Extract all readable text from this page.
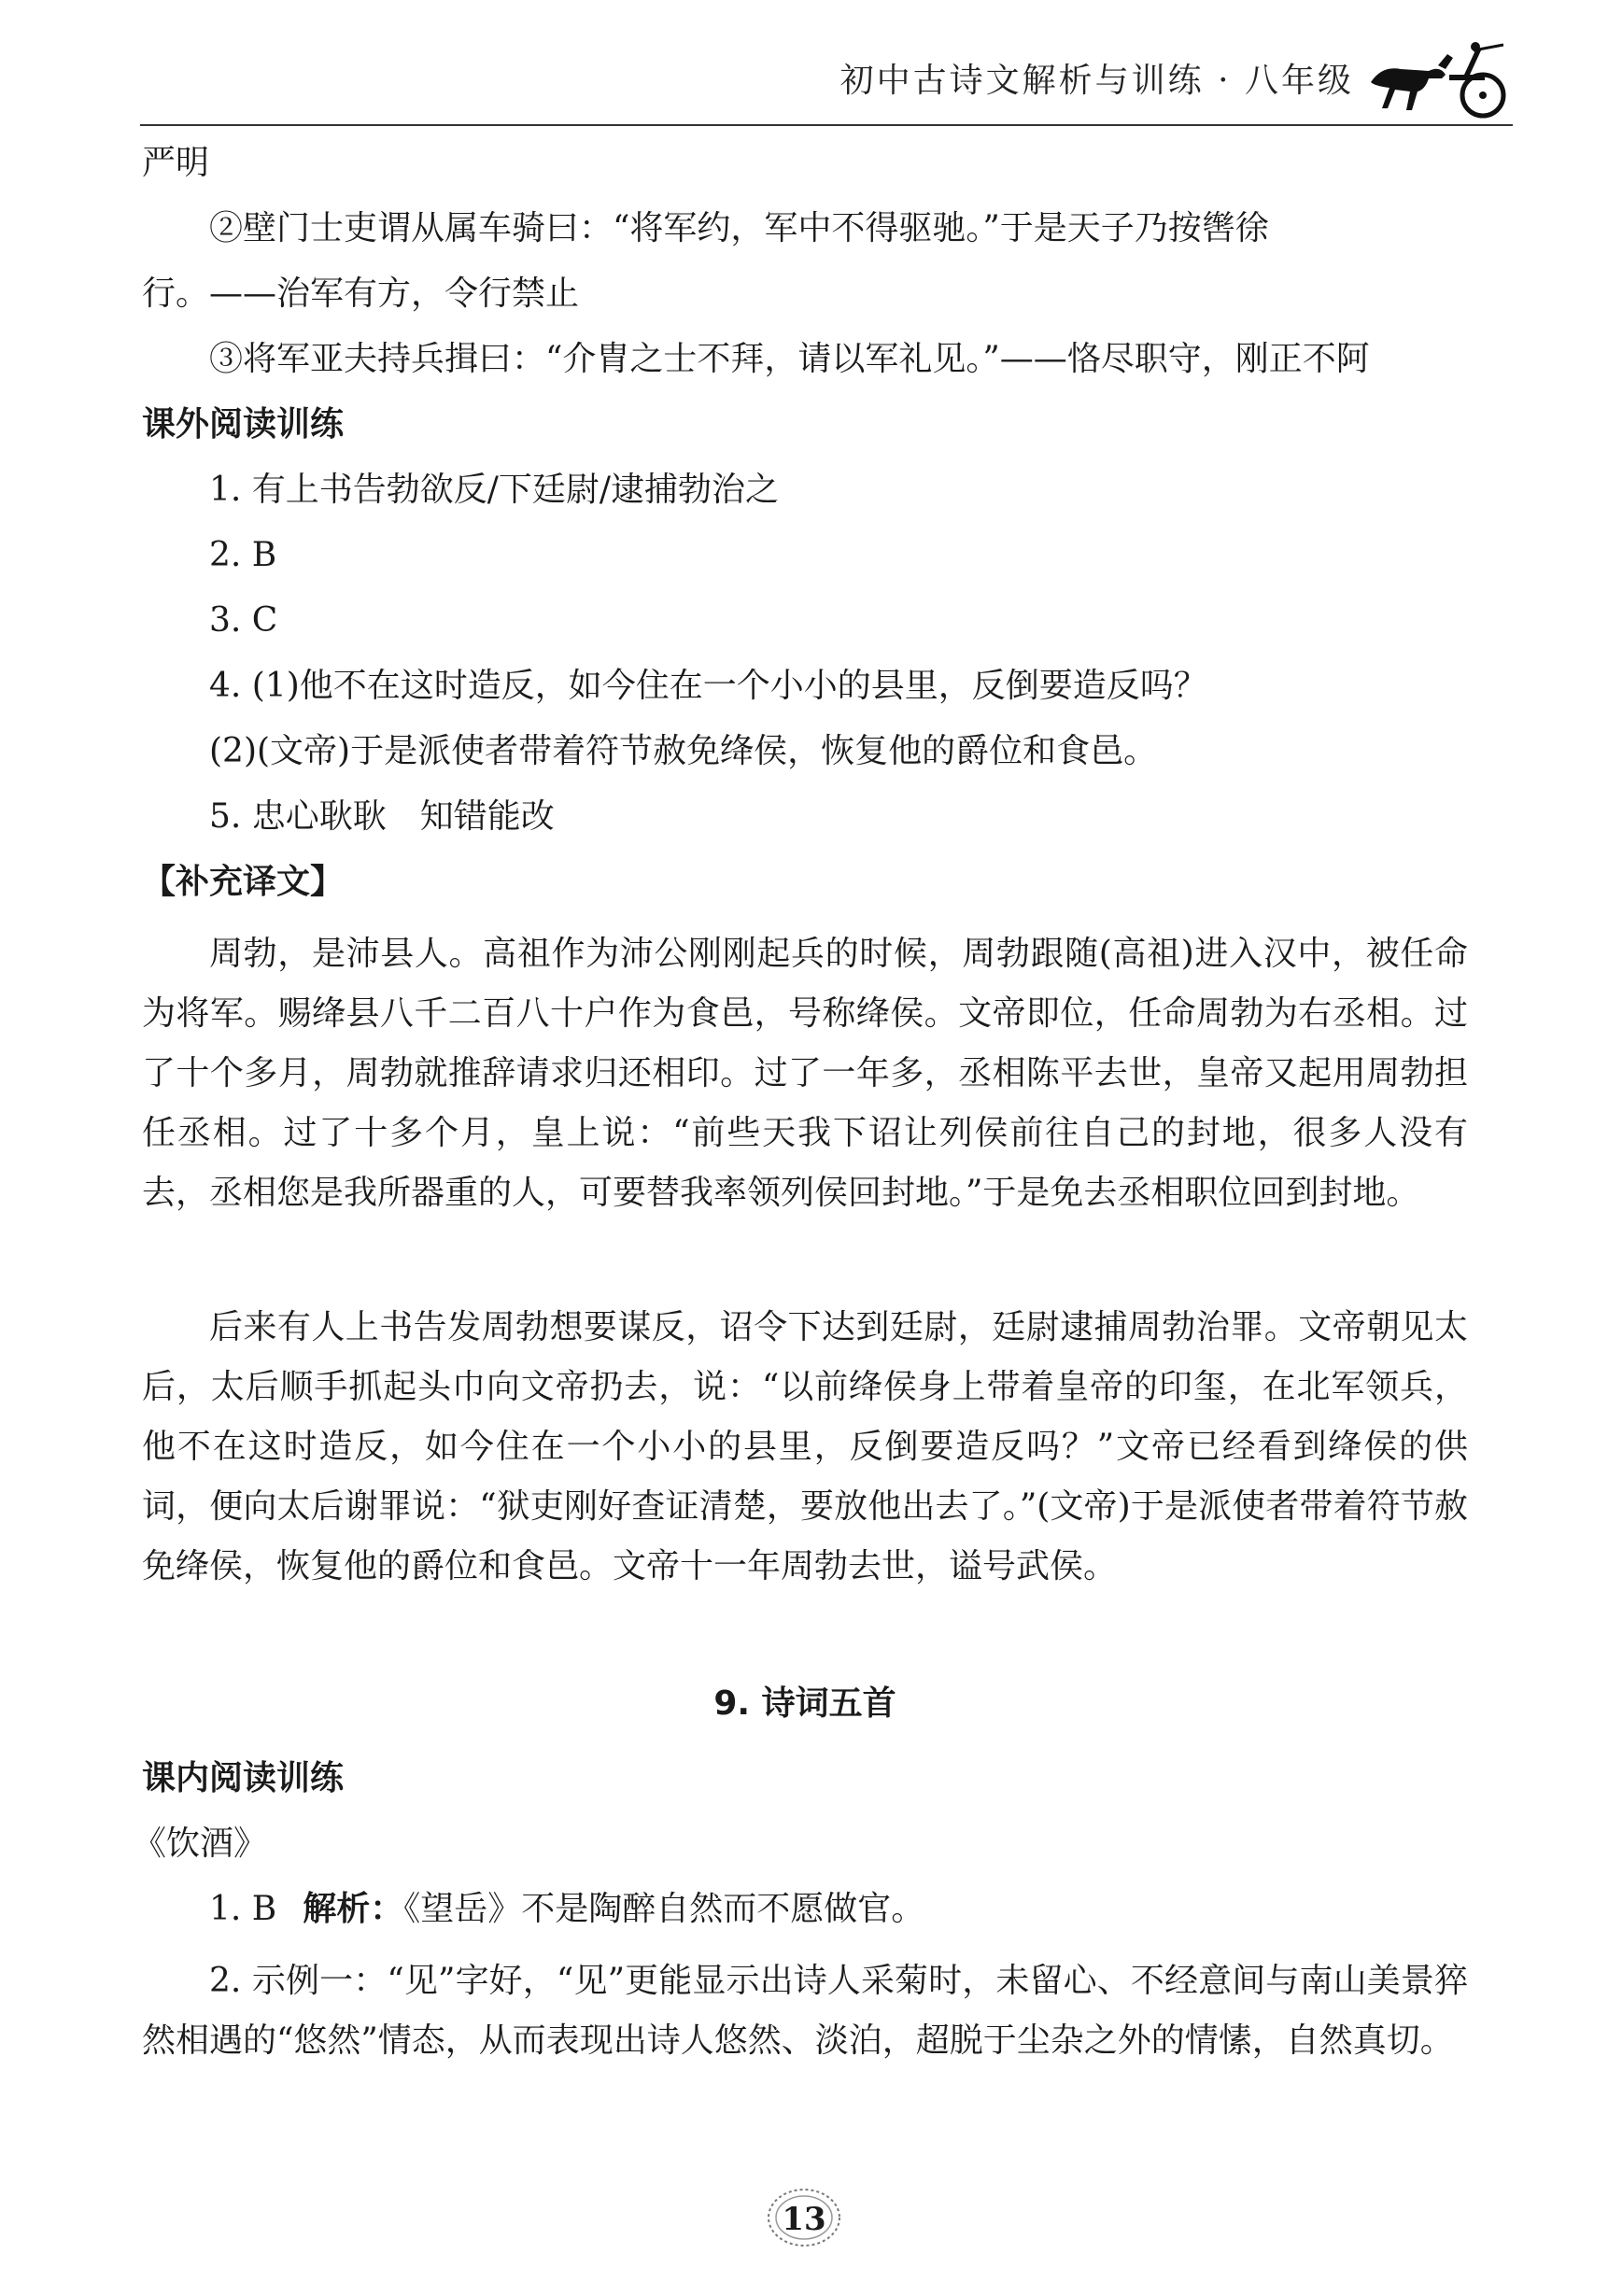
初中古诗文解析与训练 · 八年级
严明
②壁门士吏谓从属车骑曰：“将军约，军中不得驱驰。”于是天子乃按辔徐
行。——治军有方，令行禁止
③将军亚夫持兵揖曰：“介胄之士不拜，请以军礼见。”——恪尽职守，刚正不阿
课外阅读训练
1. 有上书告勃欲反/下廷尉/逮捕勃治之
2. B
3. C
4. (1)他不在这时造反，如今住在一个小小的县里，反倒要造反吗？
(2)(文帝)于是派使者带着符节赦免绛侯，恢复他的爵位和食邑。
5. 忠心耿耿　知错能改
【补充译文】
周勃，是沛县人。高祖作为沛公刚刚起兵的时候，周勃跟随(高祖)进入汉中，被任命为将军。赐绛县八千二百八十户作为食邑，号称绛侯。文帝即位，任命周勃为右丞相。过了十个多月，周勃就推辞请求归还相印。过了一年多，丞相陈平去世，皇帝又起用周勃担任丞相。过了十多个月，皇上说：“前些天我下诏让列侯前往自己的封地，很多人没有去，丞相您是我所器重的人，可要替我率领列侯回封地。”于是免去丞相职位回到封地。
后来有人上书告发周勃想要谋反，诏令下达到廷尉，廷尉逮捕周勃治罪。文帝朝见太后，太后顺手抓起头巾向文帝扔去，说：“以前绛侯身上带着皇帝的印玺，在北军领兵，他不在这时造反，如今住在一个小小的县里，反倒要造反吗？”文帝已经看到绛侯的供词，便向太后谢罪说：“狱吏刚好查证清楚，要放他出去了。”(文帝)于是派使者带着符节赦免绛侯，恢复他的爵位和食邑。文帝十一年周勃去世，谥号武侯。
9. 诗词五首
课内阅读训练
《饮酒》
1. B 解析：《望岳》不是陶醉自然而不愿做官。
2. 示例一：“见”字好，“见”更能显示出诗人采菊时，未留心、不经意间与南山美景猝然相遇的“悠然”情态，从而表现出诗人悠然、淡泊，超脱于尘杂之外的情愫，自然真切。
13
